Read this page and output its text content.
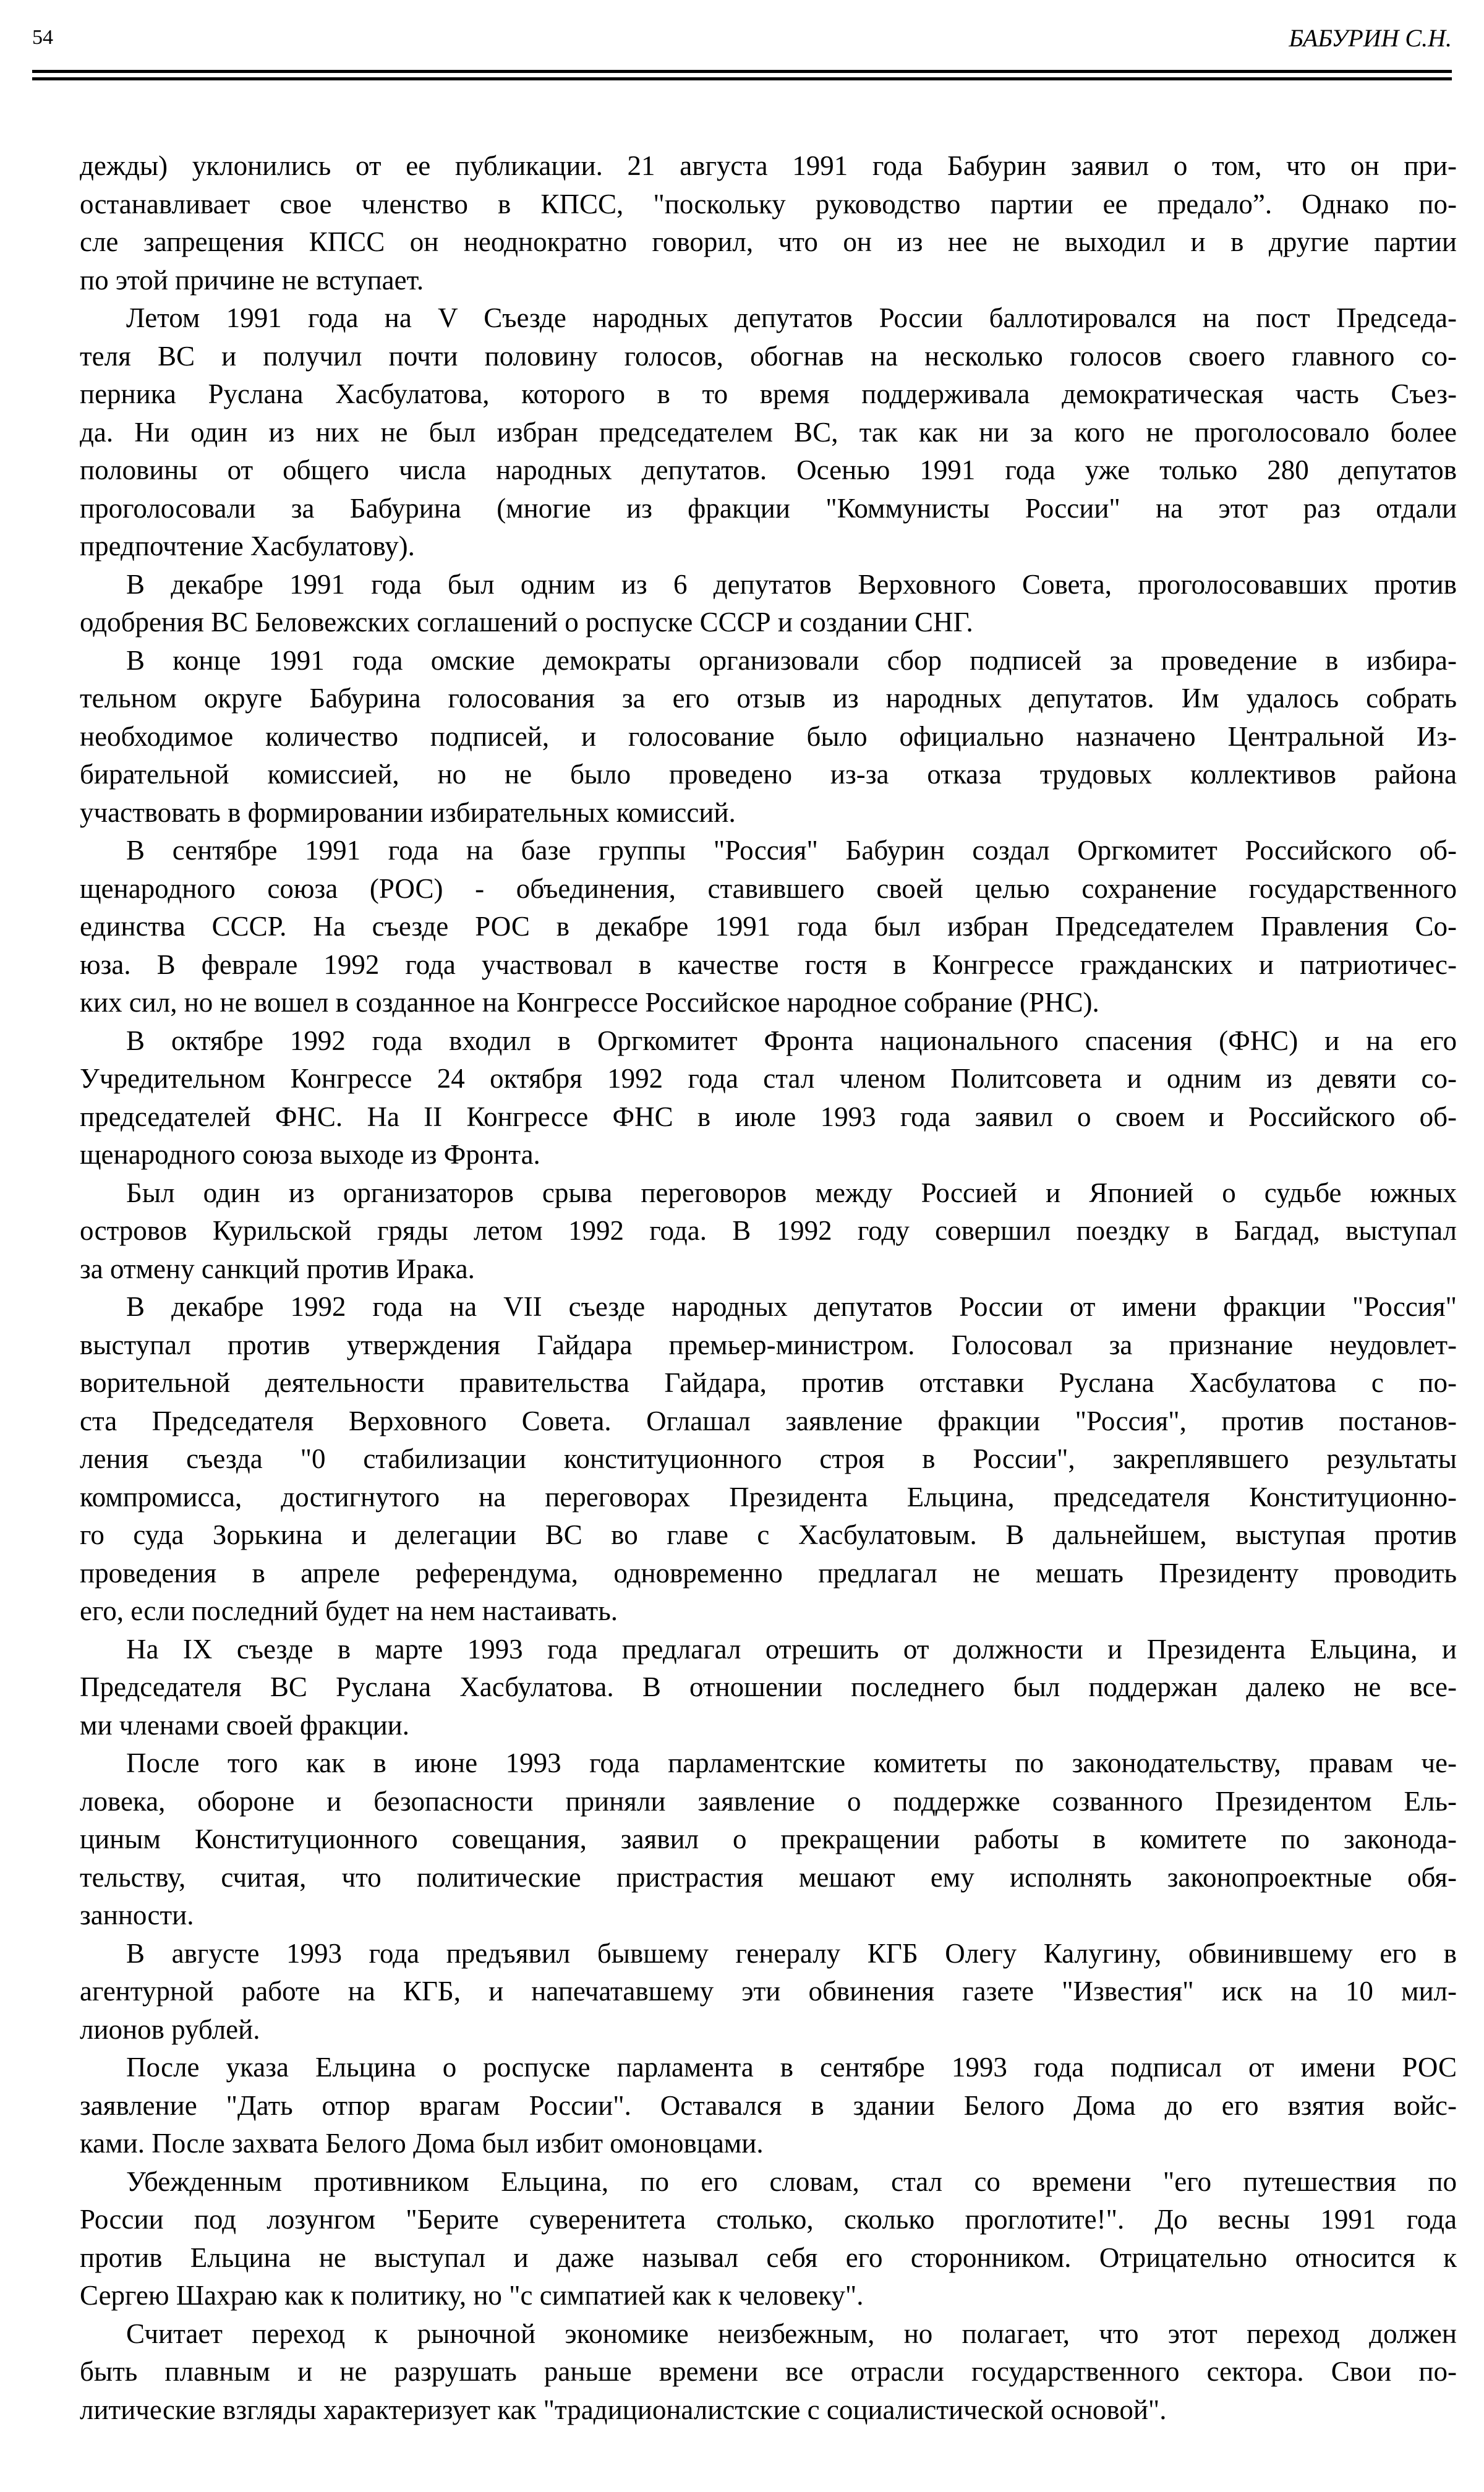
54	БАБУРИН С.Н.
дежды) уклонились от ее публикации. 21 августа 1991 года Бабурин заявил о том, что он при-
останавливает свое членство в КПСС, "поскольку руководство партии ее предало”. Однако по-
сле запрещения КПСС он неоднократно говорил, что он из нее не выходил и в другие партии
по этой причине не вступает.
Летом 1991 года на V Съезде народных депутатов России баллотировался на пост Председа-
теля ВС и получил почти половину голосов, обогнав на несколько голосов своего главного со-
перника Руслана Хасбулатова, которого в то время поддерживала демократическая часть Съез-
да. Ни один из них не был избран председателем ВС, так как ни за кого не проголосовало более
половины от общего числа народных депутатов. Осенью 1991 года уже только 280 депутатов
проголосовали за Бабурина (многие из фракции "Коммунисты России" на этот раз отдали
предпочтение Хасбулатову).
В декабре 1991 года был одним из 6 депутатов Верховного Совета, проголосовавших против
одобрения ВС Беловежских соглашений о роспуске СССР и создании СНГ.
В конце 1991 года омские демократы организовали сбор подписей за проведение в избира-
тельном округе Бабурина голосования за его отзыв из народных депутатов. Им удалось собрать
необходимое количество подписей, и голосование было официально назначено Центральной Из-
бирательной комиссией, но не было проведено из-за отказа трудовых коллективов района
участвовать в формировании избирательных комиссий.
В сентябре 1991 года на базе группы "Россия" Бабурин создал Оргкомитет Российского об-
щенародного союза (РОС) - объединения, ставившего своей целью сохранение государственного
единства СССР. На съезде РОС в декабре 1991 года был избран Председателем Правления Со-
юза. В феврале 1992 года участвовал в качестве гостя в Конгрессе гражданских и патриотичес-
ких сил, но не вошел в созданное на Конгрессе Российское народное собрание (РНС).
В октябре 1992 года входил в Оргкомитет Фронта национального спасения (ФНС) и на его
Учредительном Конгрессе 24 октября 1992 года стал членом Политсовета и одним из девяти со-
председателей ФНС. На II Конгрессе ФНС в июле 1993 года заявил о своем и Российского об-
щенародного союза выходе из Фронта.
Был один из организаторов срыва переговоров между Россией и Японией о судьбе южных
островов Курильской гряды летом 1992 года. В 1992 году совершил поездку в Багдад, выступал
за отмену санкций против Ирака.
В декабре 1992 года на VII съезде народных депутатов России от имени фракции "Россия"
выступал против утверждения Гайдара премьер-министром. Голосовал за признание неудовлет-
ворительной деятельности правительства Гайдара, против отставки Руслана Хасбулатова с по-
ста Председателя Верховного Совета. Оглашал заявление фракции "Россия", против постанов-
ления съезда "0 стабилизации конституционного строя в России", закреплявшего результаты
компромисса, достигнутого на переговорах Президента Ельцина, председателя Конституционно-
го суда Зорькина и делегации ВС во главе с Хасбулатовым. В дальнейшем, выступая против
проведения в апреле референдума, одновременно предлагал не мешать Президенту проводить
его, если последний будет на нем настаивать.
На IX съезде в марте 1993 года предлагал отрешить от должности и Президента Ельцина, и
Председателя ВС Руслана Хасбулатова. В отношении последнего был поддержан далеко не все-
ми членами своей фракции.
После того как в июне 1993 года парламентские комитеты по законодательству, правам че-
ловека, обороне и безопасности приняли заявление о поддержке созванного Президентом Ель-
циным Конституционного совещания, заявил о прекращении работы в комитете по законода-
тельству, считая, что политические пристрастия мешают ему исполнять законопроектные обя-
занности.
В августе 1993 года предъявил бывшему генералу КГБ Олегу Калугину, обвинившему его в
агентурной работе на КГБ, и напечатавшему эти обвинения газете "Известия" иск на 10 мил-
лионов рублей.
После указа Ельцина о роспуске парламента в сентябре 1993 года подписал от имени РОС
заявление "Дать отпор врагам России". Оставался в здании Белого Дома до его взятия войс-
ками. После захвата Белого Дома был избит омоновцами.
Убежденным противником Ельцина, по его словам, стал со времени "его путешествия по
России под лозунгом "Берите суверенитета столько, сколько проглотите!". До весны 1991 года
против Ельцина не выступал и даже называл себя его сторонником. Отрицательно относится к
Сергею Шахраю как к политику, но "с симпатией как к человеку".
Считает переход к рыночной экономике неизбежным, но полагает, что этот переход должен
быть плавным и не разрушать раньше времени все отрасли государственного сектора. Свои по-
литические взгляды характеризует как "традиционалистские с социалистической основой".
